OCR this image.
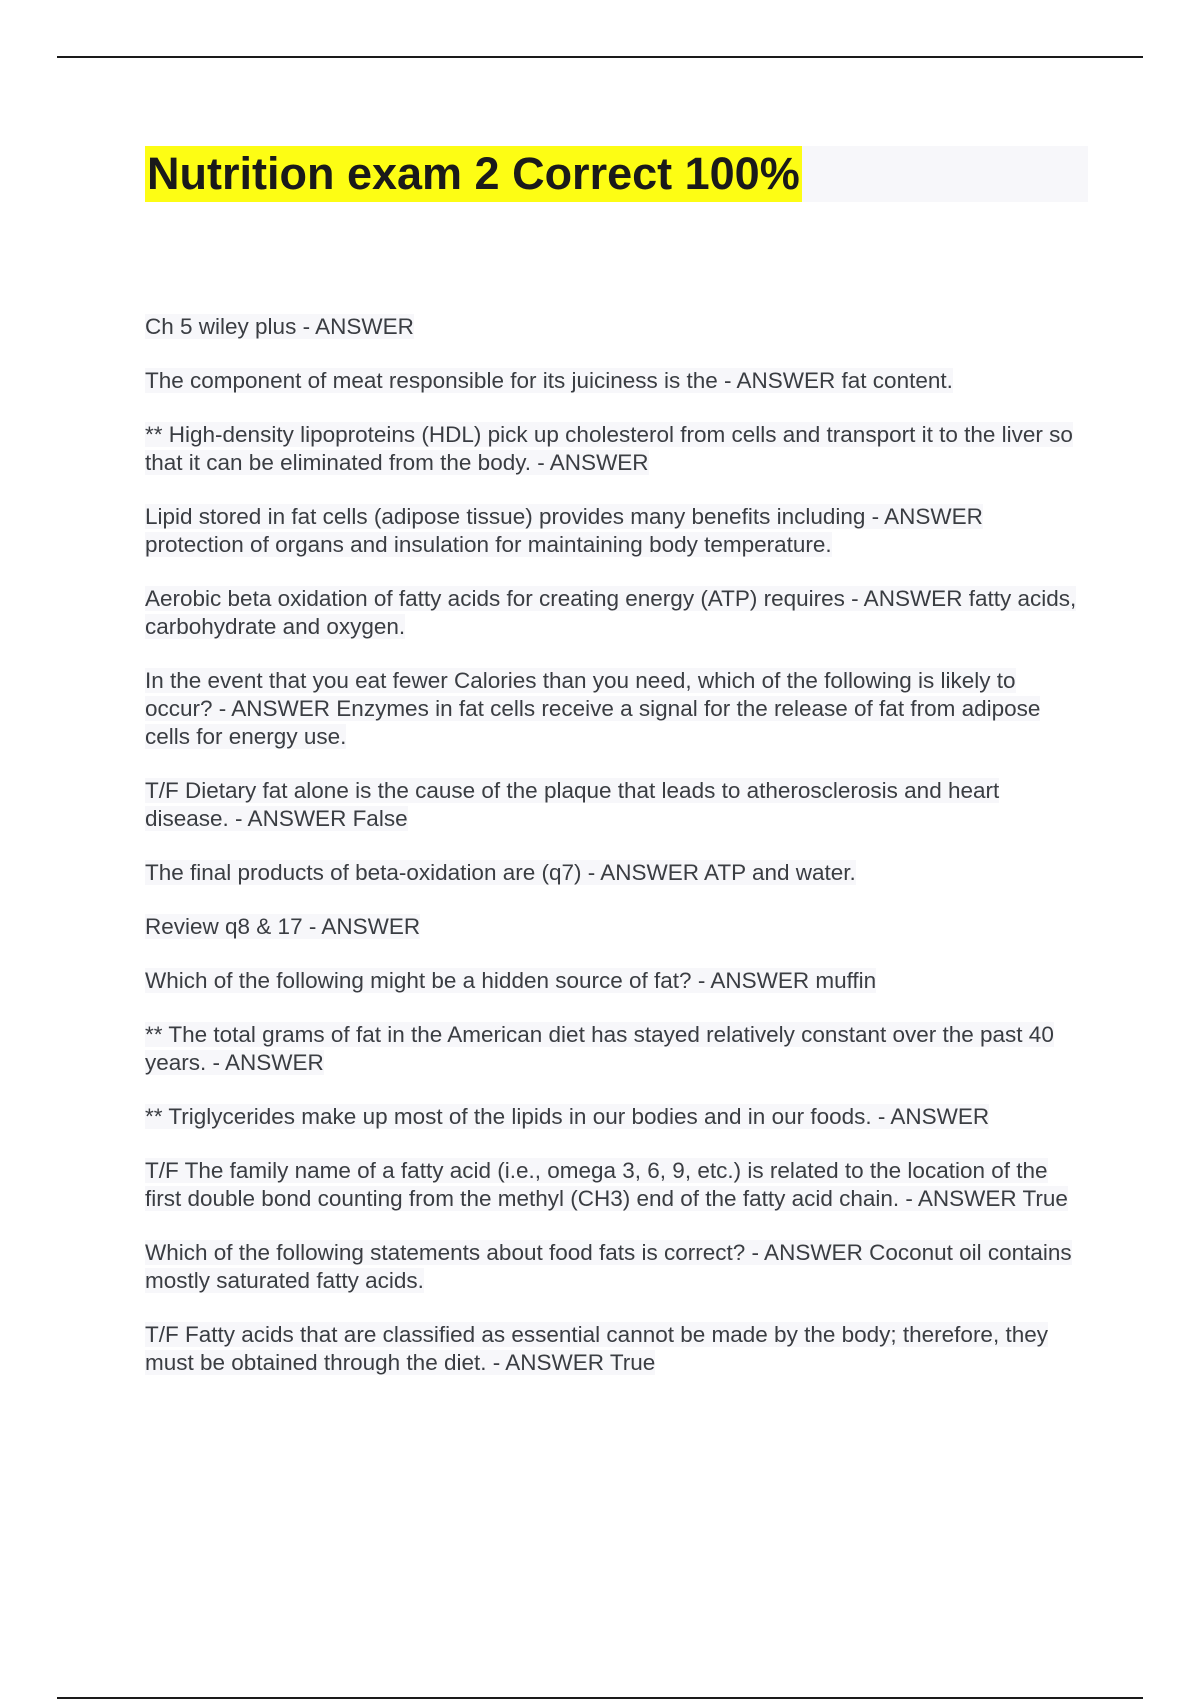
Nutrition exam 2 Correct 100%
Ch 5 wiley plus - ANSWER
The component of meat responsible for its juiciness is the - ANSWER fat content.
** High-density lipoproteins (HDL) pick up cholesterol from cells and transport it to the liver so that it can be eliminated from the body. - ANSWER
Lipid stored in fat cells (adipose tissue) provides many benefits including - ANSWER protection of organs and insulation for maintaining body temperature.
Aerobic beta oxidation of fatty acids for creating energy (ATP) requires - ANSWER fatty acids, carbohydrate and oxygen.
In the event that you eat fewer Calories than you need, which of the following is likely to occur? - ANSWER Enzymes in fat cells receive a signal for the release of fat from adipose cells for energy use.
T/F Dietary fat alone is the cause of the plaque that leads to atherosclerosis and heart disease. - ANSWER False
The final products of beta-oxidation are (q7) - ANSWER ATP and water.
Review q8 & 17 - ANSWER
Which of the following might be a hidden source of fat? - ANSWER muffin
** The total grams of fat in the American diet has stayed relatively constant over the past 40 years. - ANSWER
** Triglycerides make up most of the lipids in our bodies and in our foods. - ANSWER
T/F The family name of a fatty acid (i.e., omega 3, 6, 9, etc.) is related to the location of the first double bond counting from the methyl (CH3) end of the fatty acid chain. - ANSWER True
Which of the following statements about food fats is correct? - ANSWER Coconut oil contains mostly saturated fatty acids.
T/F Fatty acids that are classified as essential cannot be made by the body; therefore, they must be obtained through the diet. - ANSWER True
